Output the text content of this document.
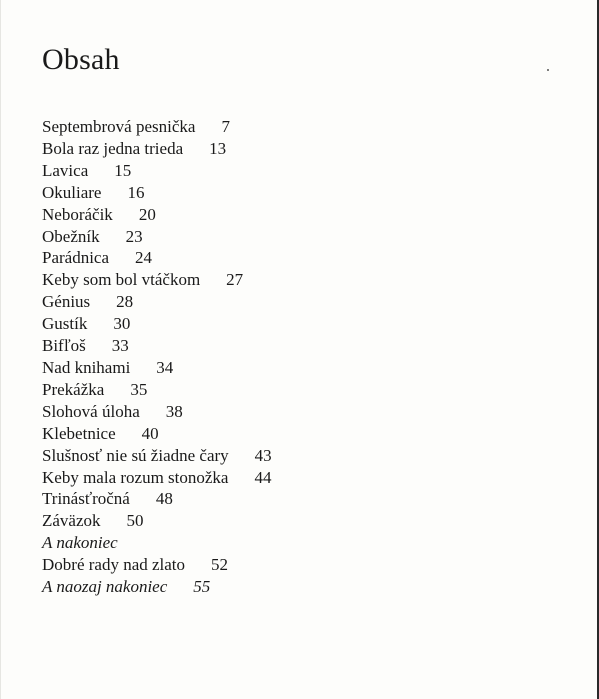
Obsah
Septembrová pesnička 7
Bola raz jedna trieda 13
Lavica 15
Okuliare 16
Neboráčik 20
Obežník 23
Parádnica 24
Keby som bol vtáčkom 27
Génius 28
Gustík 30
Bifľoš 33
Nad knihami 34
Prekážka 35
Slohová úloha 38
Klebetnice 40
Slušnosť nie sú žiadne čary 43
Keby mala rozum stonožka 44
Trinásťročná 48
Záväzok 50
A nakoniec
Dobré rady nad zlato 52
A naozaj nakoniec 55
